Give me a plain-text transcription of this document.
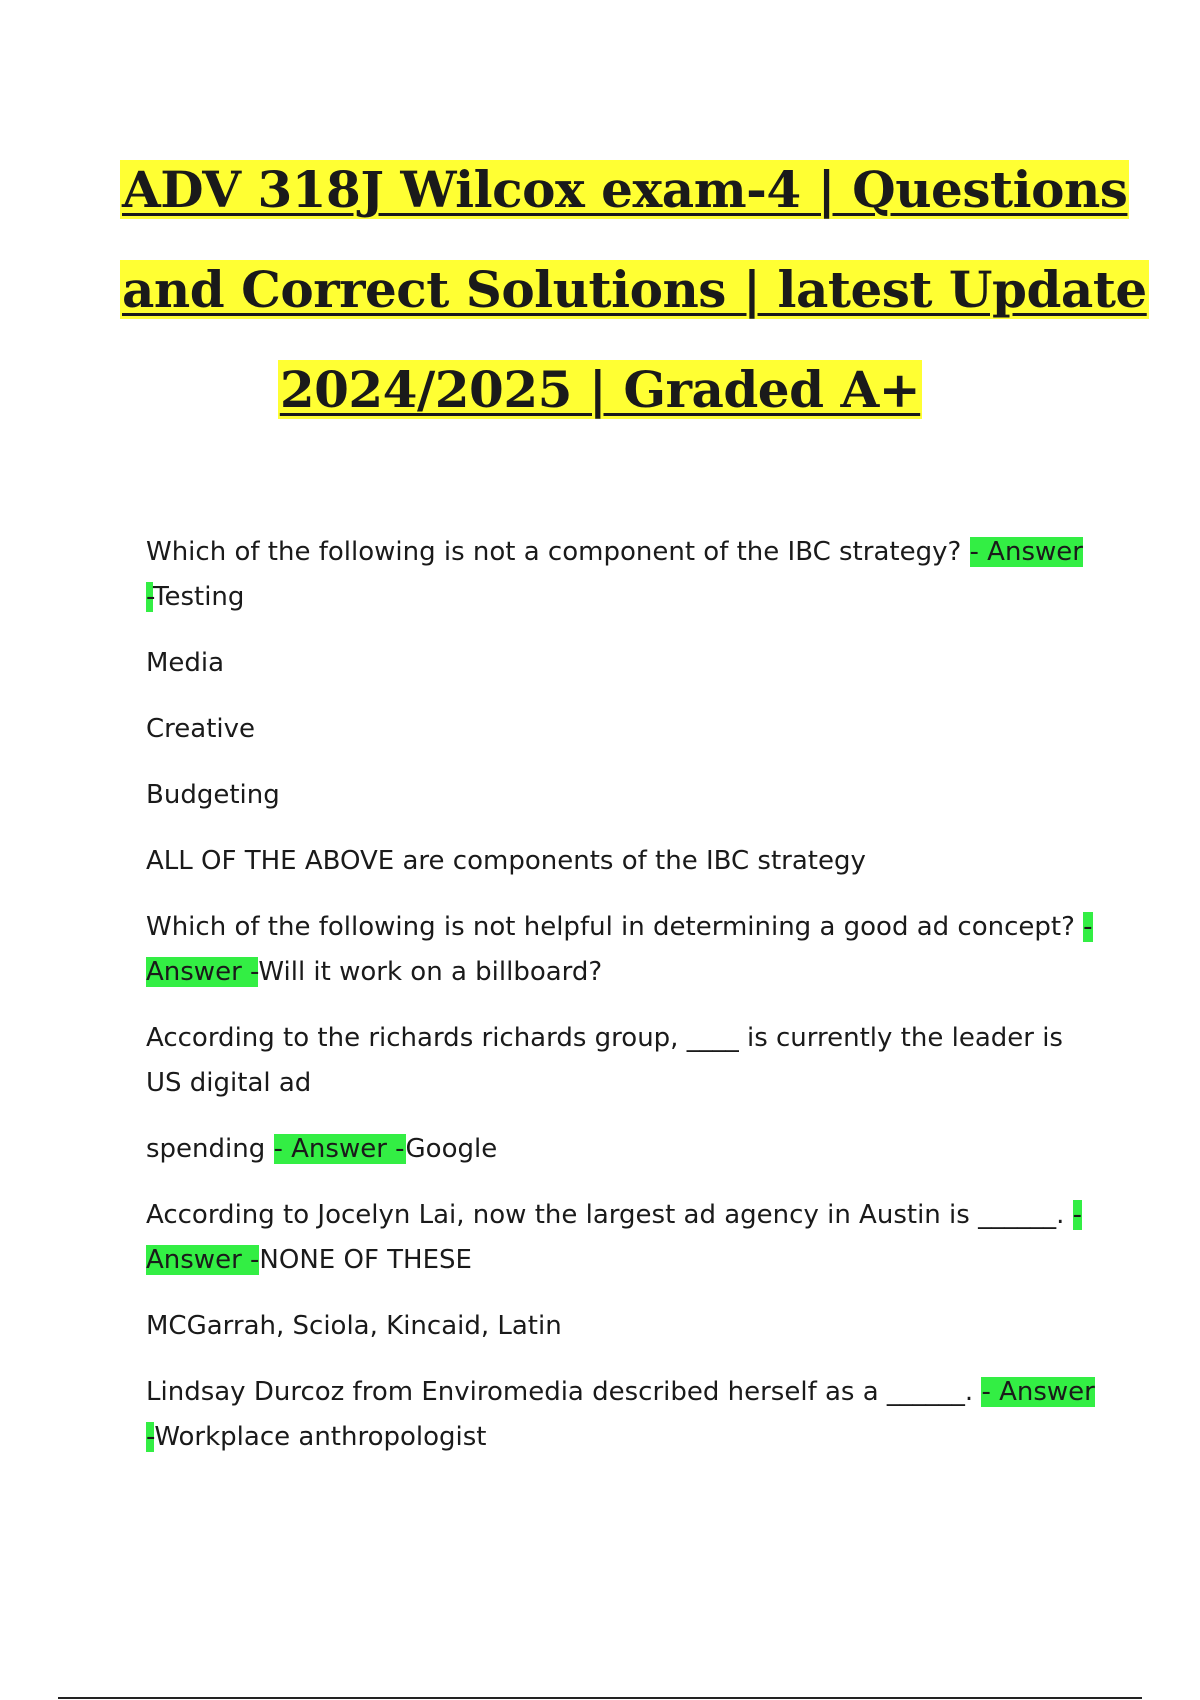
ADV 318J Wilcox exam-4 | Questions
and Correct Solutions | latest Update
2024/2025 | Graded A+

Which of the following is not a component of the IBC strategy? - Answer -Testing

Media

Creative

Budgeting

ALL OF THE ABOVE are components of the IBC strategy

Which of the following is not helpful in determining a good ad concept? - Answer -Will it work on a billboard?

According to the richards richards group, ____ is currently the leader is US digital ad

spending - Answer -Google

According to Jocelyn Lai, now the largest ad agency in Austin is ______. - Answer -NONE OF THESE

MCGarrah, Sciola, Kincaid, Latin

Lindsay Durcoz from Enviromedia described herself as a ______. - Answer -Workplace anthropologist
